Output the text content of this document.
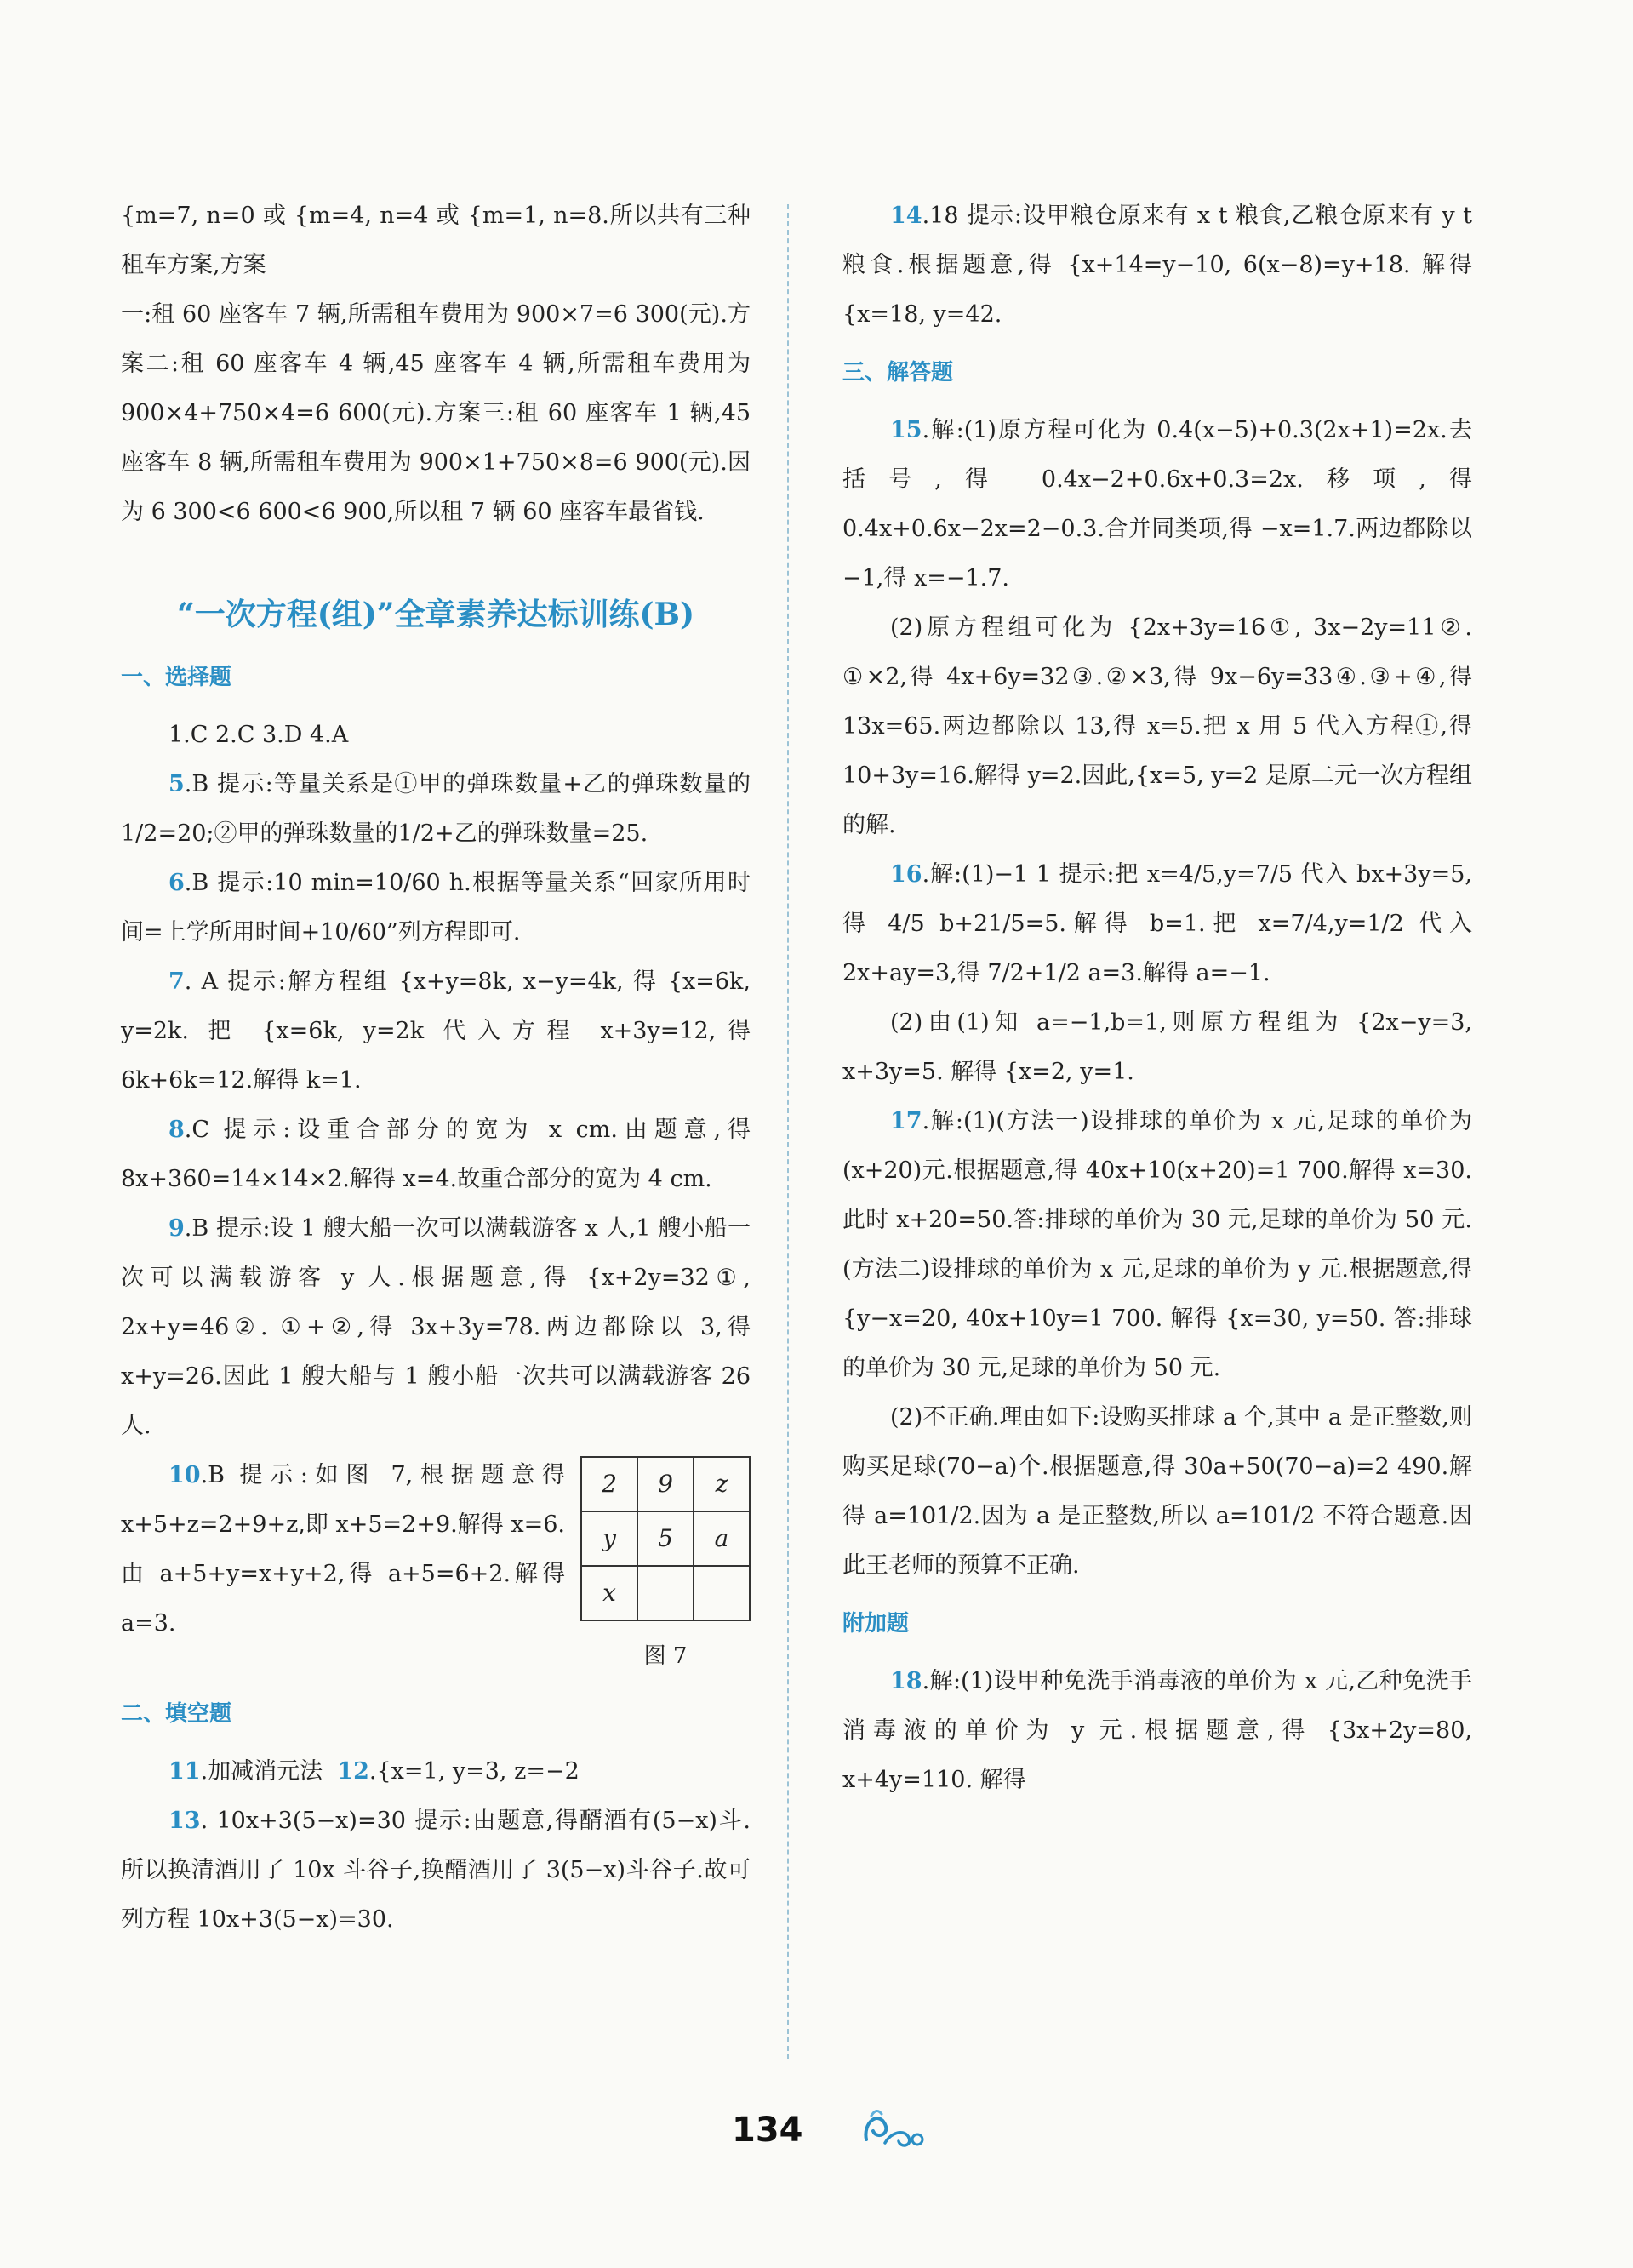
{m=7, n=0 或 {m=4, n=4 或 {m=1, n=8.所以共有三种租车方案,方案

一:租 60 座客车 7 辆,所需租车费用为 900×7=6 300(元).方案二:租 60 座客车 4 辆,45 座客车 4 辆,所需租车费用为 900×4+750×4=6 600(元).方案三:租 60 座客车 1 辆,45 座客车 8 辆,所需租车费用为 900×1+750×8=6 900(元).因为 6 300<6 600<6 900,所以租 7 辆 60 座客车最省钱.

“一次方程(组)”全章素养达标训练(B)
一、选择题

1.C 2.C 3.D 4.A

5.B 提示:等量关系是①甲的弹珠数量+乙的弹珠数量的1/2=20;②甲的弹珠数量的1/2+乙的弹珠数量=25.

6.B 提示:10 min=10/60 h.根据等量关系“回家所用时间=上学所用时间+10/60”列方程即可.

7. A 提示:解方程组 {x+y=8k, x−y=4k, 得 {x=6k, y=2k. 把 {x=6k, y=2k 代入方程 x+3y=12,得 6k+6k=12.解得 k=1.

8.C 提示:设重合部分的宽为 x cm.由题意,得 8x+360=14×14×2.解得 x=4.故重合部分的宽为 4 cm.

9.B 提示:设 1 艘大船一次可以满载游客 x 人,1 艘小船一次可以满载游客 y 人.根据题意,得 {x+2y=32①, 2x+y=46②. ①+②,得 3x+3y=78.两边都除以 3,得 x+y=26.因此 1 艘大船与 1 艘小船一次共可以满载游客 26 人.

2	9	z
y	5	a
x		
图 7

10.B 提示:如图 7,根据题意得 x+5+z=2+9+z,即 x+5=2+9.解得 x=6.由 a+5+y=x+y+2,得 a+5=6+2.解得 a=3.

二、填空题

11.加减消元法 12.{x=1, y=3, z=−2

13. 10x+3(5−x)=30 提示:由题意,得醑酒有(5−x)斗.所以换清酒用了 10x 斗谷子,换醑酒用了 3(5−x)斗谷子.故可列方程 10x+3(5−x)=30.

14.18 提示:设甲粮仓原来有 x t 粮食,乙粮仓原来有 y t 粮食.根据题意,得 {x+14=y−10, 6(x−8)=y+18. 解得 {x=18, y=42.

三、解答题

15.解:(1)原方程可化为 0.4(x−5)+0.3(2x+1)=2x.去括号,得 0.4x−2+0.6x+0.3=2x.移项,得 0.4x+0.6x−2x=2−0.3.合并同类项,得 −x=1.7.两边都除以 −1,得 x=−1.7.

(2)原方程组可化为 {2x+3y=16①, 3x−2y=11②. ①×2,得 4x+6y=32③.②×3,得 9x−6y=33④.③+④,得 13x=65.两边都除以 13,得 x=5.把 x 用 5 代入方程①,得 10+3y=16.解得 y=2.因此,{x=5, y=2 是原二元一次方程组的解.

16.解:(1)−1 1 提示:把 x=4/5,y=7/5 代入 bx+3y=5,得 4/5 b+21/5=5.解得 b=1.把 x=7/4,y=1/2 代入 2x+ay=3,得 7/2+1/2 a=3.解得 a=−1.

(2)由(1)知 a=−1,b=1,则原方程组为 {2x−y=3, x+3y=5. 解得 {x=2, y=1.

17.解:(1)(方法一)设排球的单价为 x 元,足球的单价为(x+20)元.根据题意,得 40x+10(x+20)=1 700.解得 x=30.此时 x+20=50.答:排球的单价为 30 元,足球的单价为 50 元. (方法二)设排球的单价为 x 元,足球的单价为 y 元.根据题意,得 {y−x=20, 40x+10y=1 700. 解得 {x=30, y=50. 答:排球的单价为 30 元,足球的单价为 50 元.

(2)不正确.理由如下:设购买排球 a 个,其中 a 是正整数,则购买足球(70−a)个.根据题意,得 30a+50(70−a)=2 490.解得 a=101/2.因为 a 是正整数,所以 a=101/2 不符合题意.因此王老师的预算不正确.

附加题

18.解:(1)设甲种免洗手消毒液的单价为 x 元,乙种免洗手消毒液的单价为 y 元.根据题意,得 {3x+2y=80, x+4y=110. 解得

134
